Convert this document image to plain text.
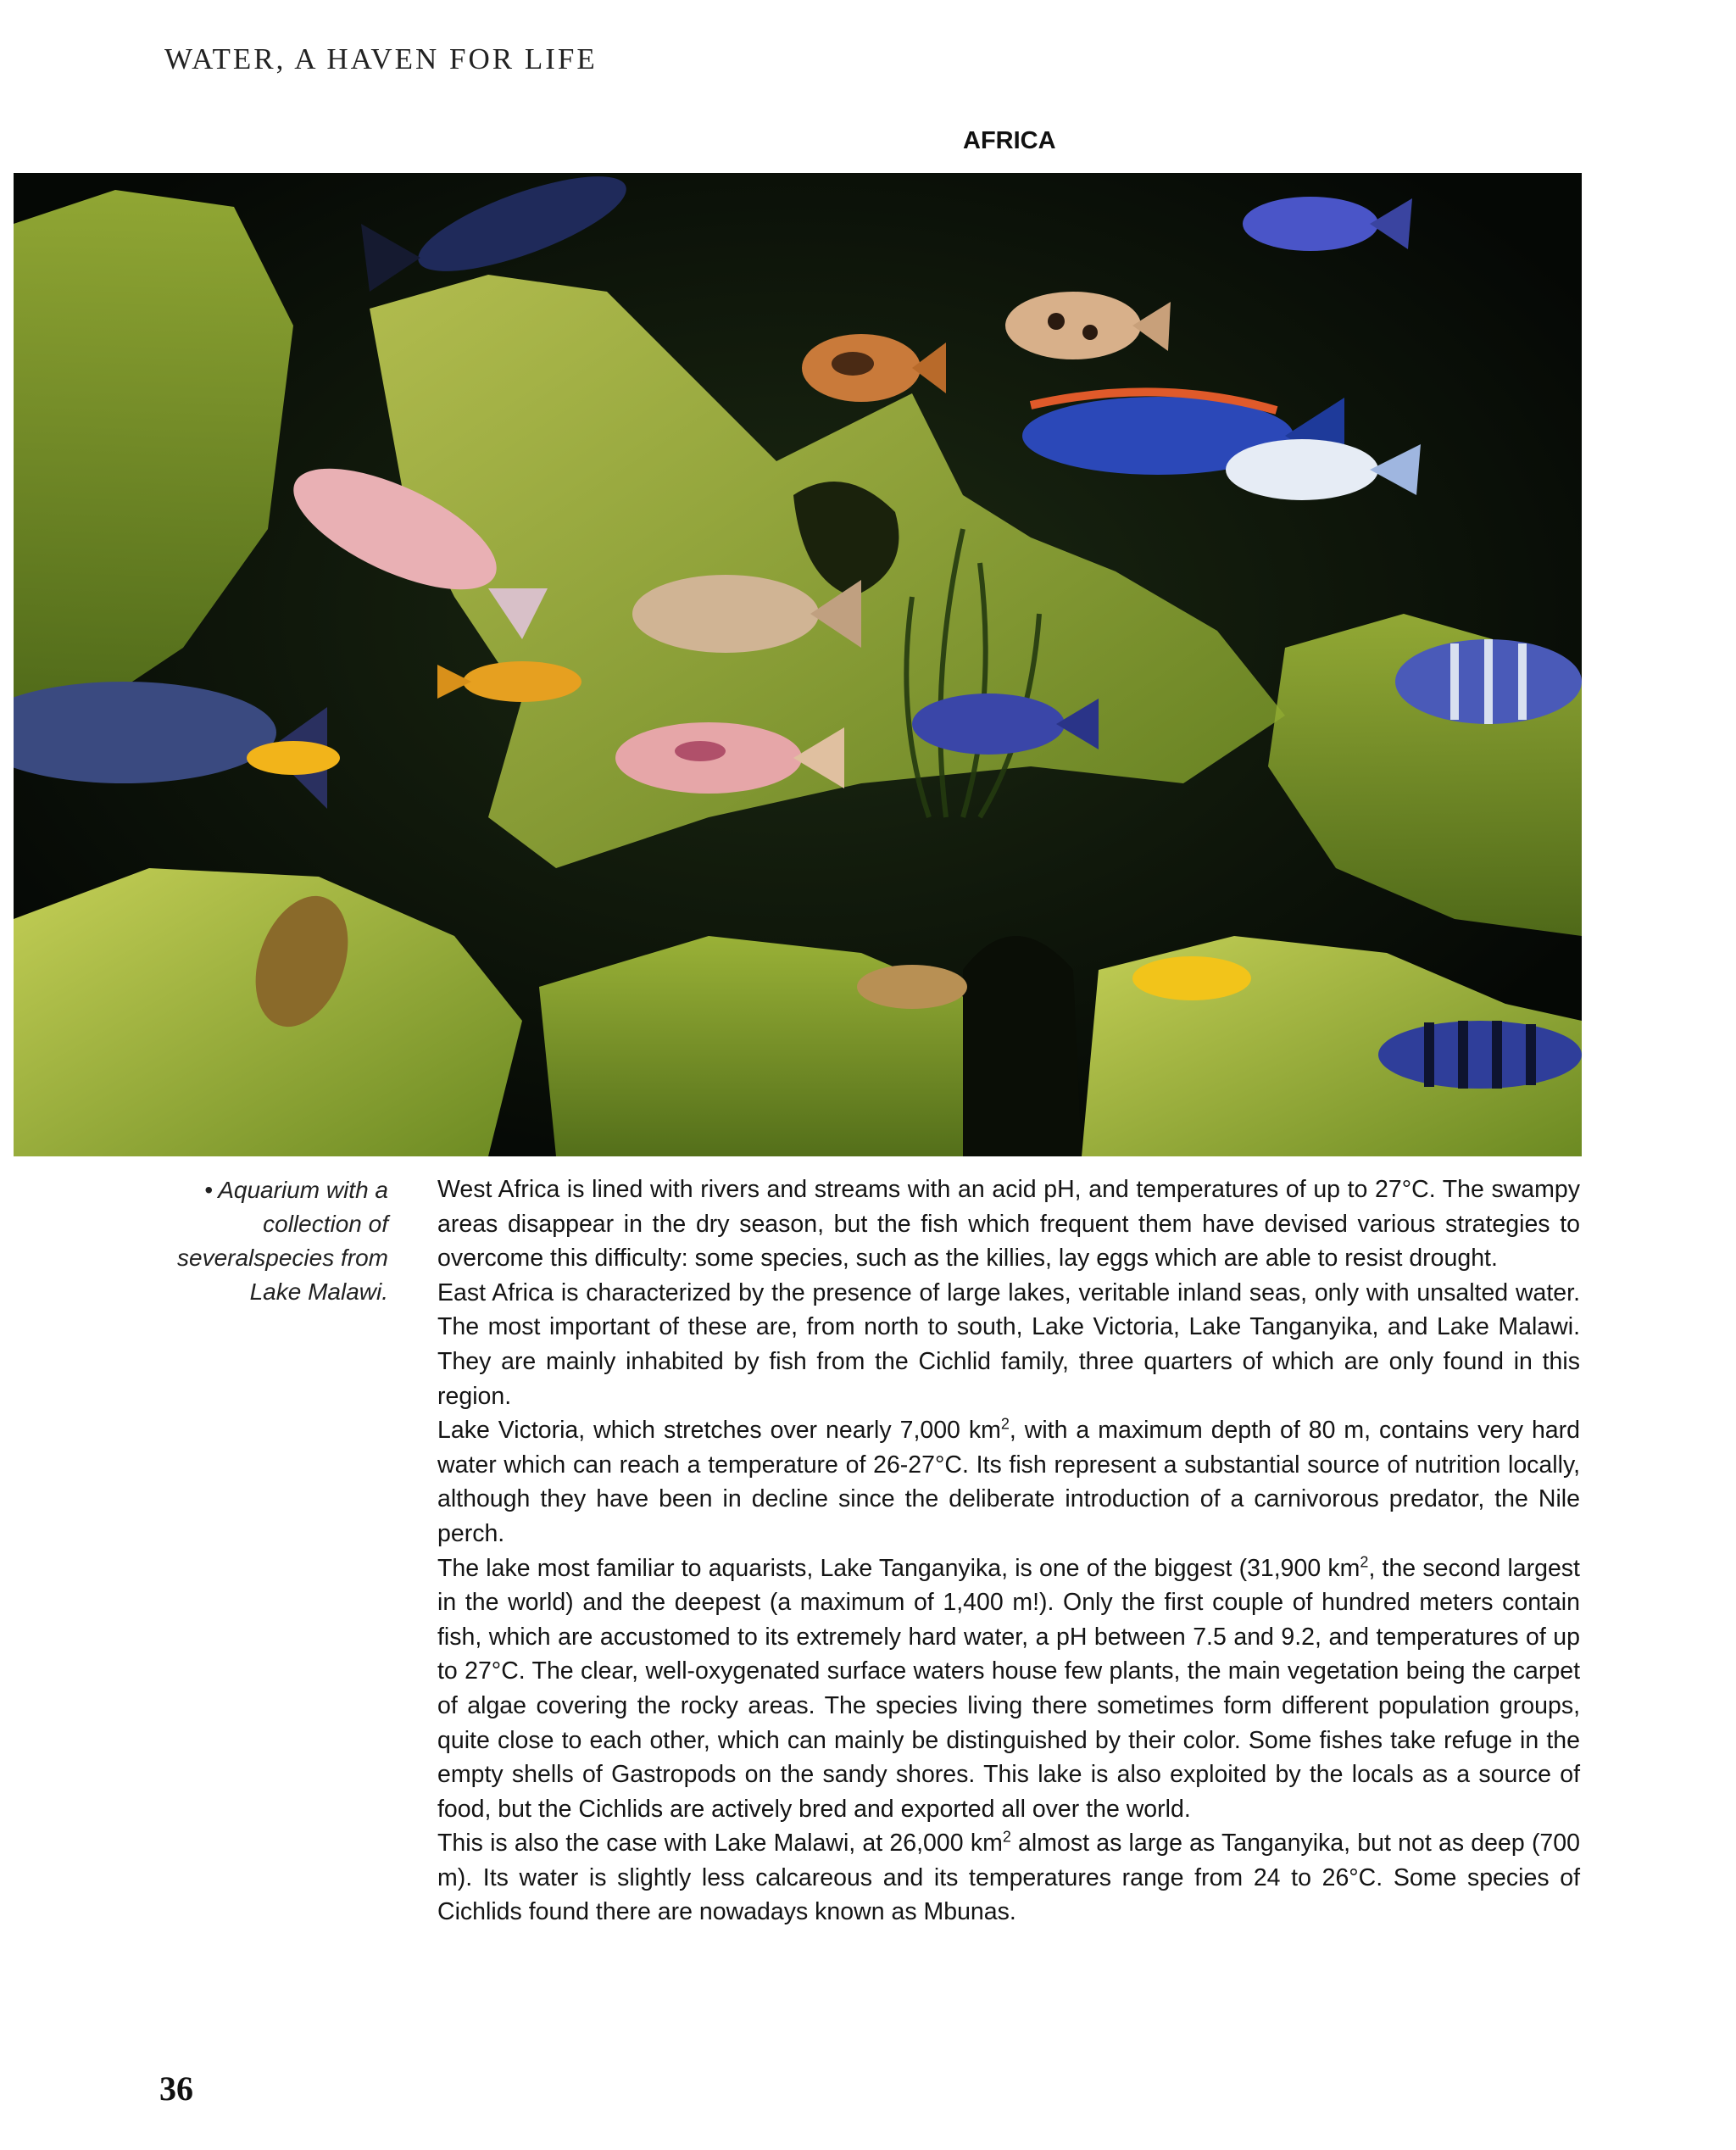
WATER, A HAVEN FOR LIFE
AFRICA
• Aquarium with a collection of severalspecies from Lake Malawi.

West Africa is lined with rivers and streams with an acid pH, and temperatures of up to 27°C. The swampy areas disappear in the dry season, but the fish which frequent them have devised various strategies to overcome this difficulty: some species, such as the killies, lay eggs which are able to resist drought.

East Africa is characterized by the presence of large lakes, veritable inland seas, only with unsalted water. The most important of these are, from north to south, Lake Victoria, Lake Tanganyika, and Lake Malawi. They are mainly inhabited by fish from the Cichlid family, three quarters of which are only found in this region.

Lake Victoria, which stretches over nearly 7,000 $km^2$, with a maximum depth of 80 m, contains very hard water which can reach a temperature of 26-27°C. Its fish represent a substantial source of nutrition locally, although they have been in decline since the deliberate introduction of a carnivorous predator, the Nile perch.

The lake most familiar to aquarists, Lake Tanganyika, is one of the biggest (31,900 $km^2$, the second largest in the world) and the deepest (a maximum of 1,400 m!). Only the first couple of hundred meters contain fish, which are accustomed to its extremely hard water, a pH between 7.5 and 9.2, and temperatures of up to 27°C. The clear, well-oxygenated surface waters house few plants, the main vegetation being the carpet of algae covering the rocky areas. The species living there sometimes form different population groups, quite close to each other, which can mainly be distinguished by their color. Some fishes take refuge in the empty shells of Gastropods on the sandy shores. This lake is also exploited by the locals as a source of food, but the Cichlids are actively bred and exported all over the world.

This is also the case with Lake Malawi, at 26,000 $km^2$ almost as large as Tanganyika, but not as deep (700 m). Its water is slightly less calcareous and its temperatures range from 24 to 26°C. Some species of Cichlids found there are nowadays known as Mbunas.

36
